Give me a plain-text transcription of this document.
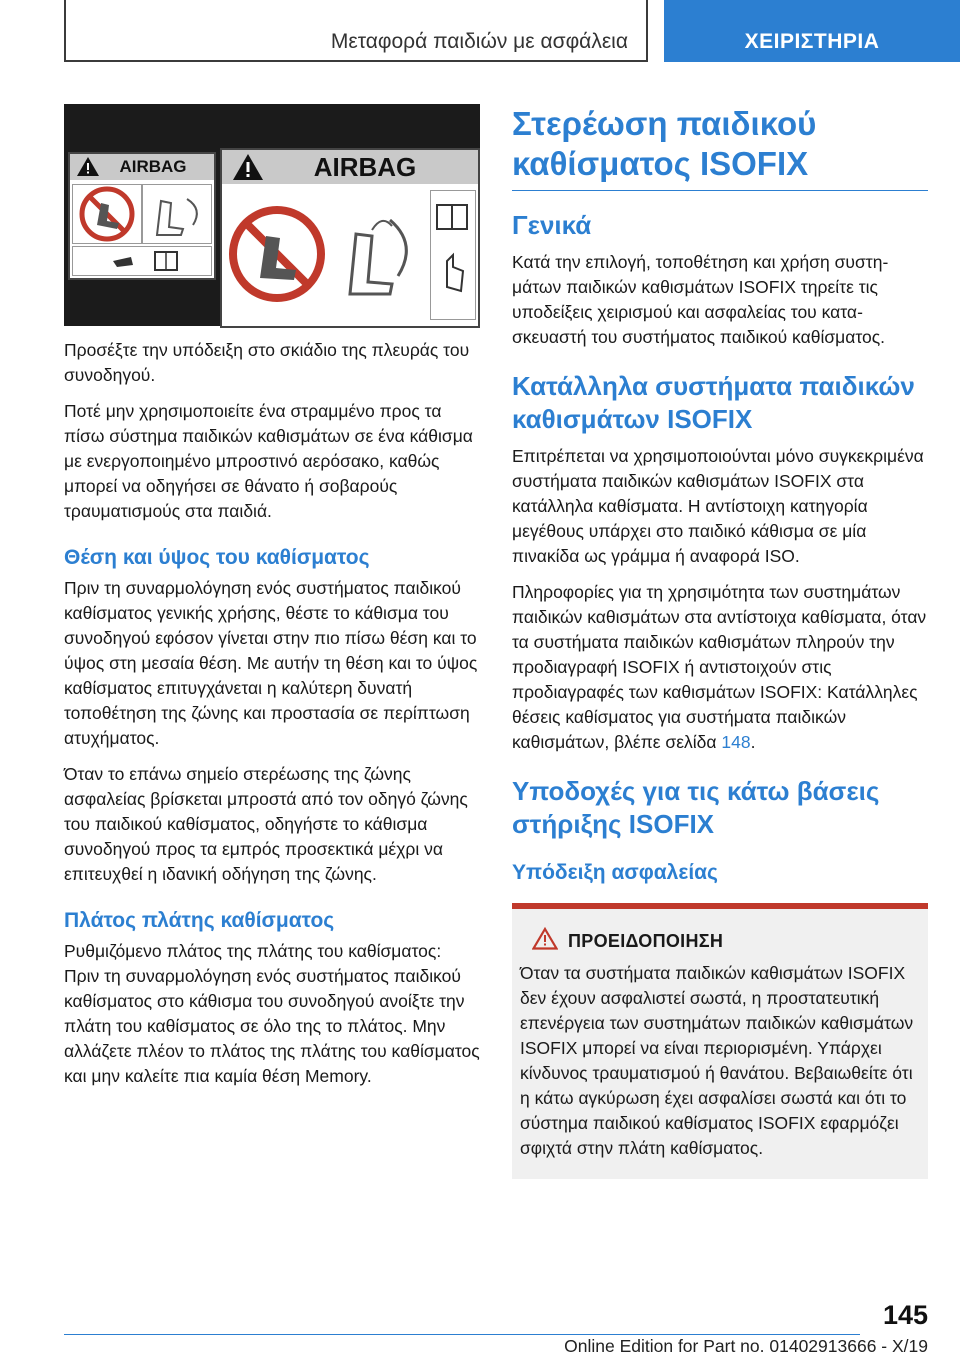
Μεταφορά παιδιών με ασφάλεια	ΧΕΙΡΙΣΤΗΡΙΑ
AIRBAG	AIRBAG

Προσέξτε την υπόδειξη στο σκιάδιο της πλευράς του συνοδηγού.

Ποτέ μην χρησιμοποιείτε ένα στραμμένο προς τα πίσω σύστημα παιδικών καθισμάτων σε ένα κάθισμα με ενεργοποιημένο μπροστινό αερόσακο, καθώς μπορεί να οδηγήσει σε θάνατο ή σοβαρούς τραυματισμούς στα παιδιά.

Θέση και ύψος του καθίσματος

Πριν τη συναρμολόγηση ενός συστήματος παιδικού καθίσματος γενικής χρήσης, θέστε το κάθισμα του συνοδηγού εφόσον γίνεται στην πιο πίσω θέση και το ύψος στη μεσαία θέση. Με αυτήν τη θέση και το ύψος καθίσματος επιτυγχάνεται η καλύτερη δυνατή τοποθέτηση της ζώνης και προστασία σε περίπτωση ατυχήματος.

Όταν το επάνω σημείο στερέωσης της ζώνης ασφαλείας βρίσκεται μπροστά από τον οδηγό ζώνης του παιδικού καθίσματος, οδηγήστε το κάθισμα συνοδηγού προς τα εμπρός προσεκτικά μέχρι να επιτευχθεί η ιδανική οδήγηση της ζώνης.

Πλάτος πλάτης καθίσματος

Ρυθμιζόμενο πλάτος της πλάτης του καθίσματος: Πριν τη συναρμολόγηση ενός συστήματος παιδικού καθίσματος στο κάθισμα του συνοδηγού ανοίξτε την πλάτη του καθίσματος σε όλο της το πλάτος. Μην αλλάζετε πλέον το πλάτος της πλάτης του καθίσματος και μην καλείτε πια καμία θέση Memory.

Στερέωση παιδικού καθίσματος ISOFIX
Γενικά

Κατά την επιλογή, τοποθέτηση και χρήση συστημάτων παιδικών καθισμάτων ISOFIX τηρείτε τις υποδείξεις χειρισμού και ασφαλείας του κατασκευαστή του συστήματος παιδικού καθίσματος.

Κατάλληλα συστήματα παιδικών καθισμάτων ISOFIX

Επιτρέπεται να χρησιμοποιούνται μόνο συγκεκριμένα συστήματα παιδικών καθισμάτων ISOFIX στα κατάλληλα καθίσματα. Η αντίστοιχη κατηγορία μεγέθους υπάρχει στο παιδικό κάθισμα σε μία πινακίδα ως γράμμα ή αναφορά ISO.

Πληροφορίες για τη χρησιμότητα των συστημάτων παιδικών καθισμάτων στα αντίστοιχα καθίσματα, όταν τα συστήματα παιδικών καθισμάτων πληρούν την προδιαγραφή ISOFIX ή αντιστοιχούν στις προδιαγραφές των καθισμάτων ISOFIX: Κατάλληλες θέσεις καθίσματος για συστήματα παιδικών καθισμάτων, βλέπε σελίδα 148.

Υποδοχές για τις κάτω βάσεις στήριξης ISOFIX
Υπόδειξη ασφαλείας
ΠΡΟΕΙΔΟΠΟΙΗΣΗ

Όταν τα συστήματα παιδικών καθισμάτων ISOFIX δεν έχουν ασφαλιστεί σωστά, η προστατευτική επενέργεια των συστημάτων παιδικών καθισμάτων ISOFIX μπορεί να είναι περιορισμένη. Υπάρχει κίνδυνος τραυματισμού ή θανάτου. Βεβαιωθείτε ότι η κάτω αγκύρωση έχει ασφαλίσει σωστά και ότι το σύστημα παιδικού καθίσματος ISOFIX εφαρμόζει σφιχτά στην πλάτη καθίσματος.

145
Online Edition for Part no. 01402913666 - X/19
